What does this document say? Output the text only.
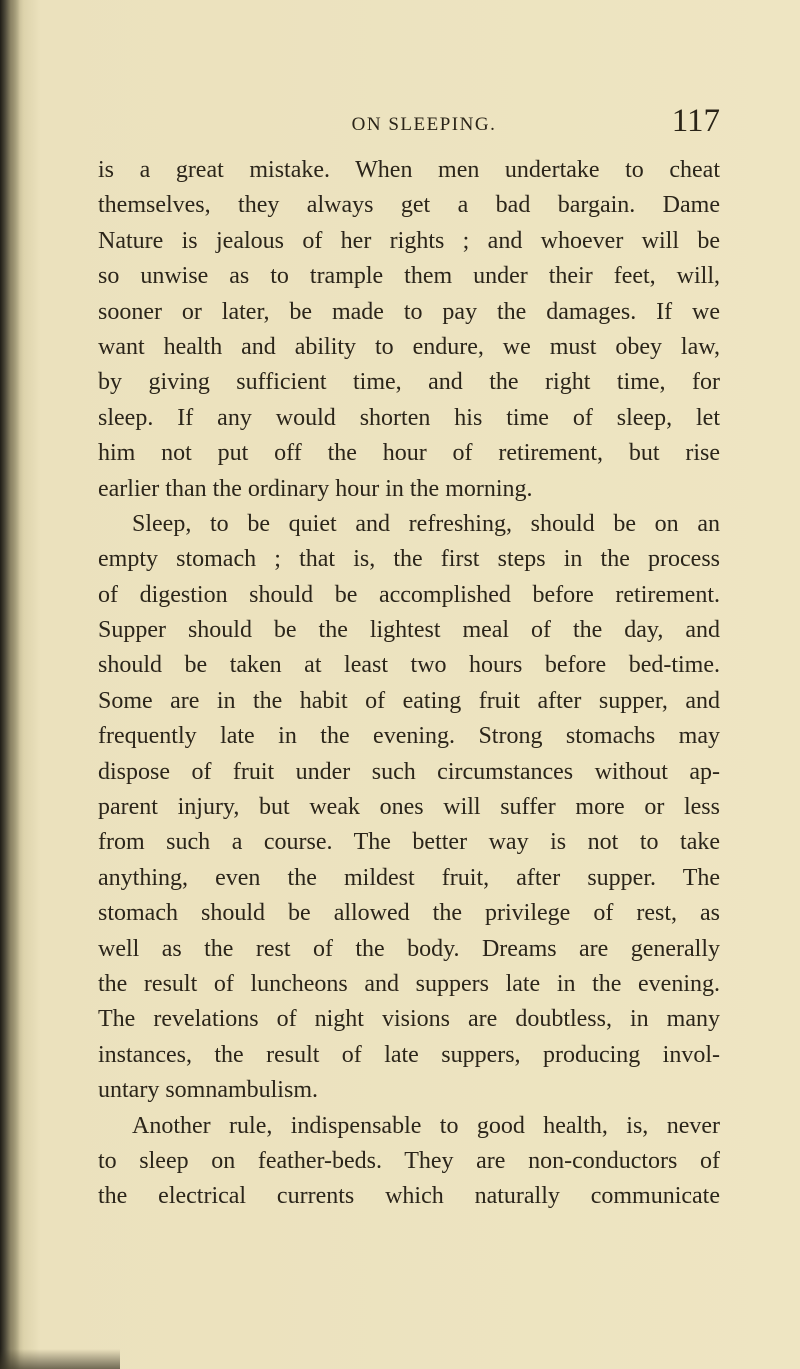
ON SLEEPING.	117
is a great mistake. When men undertake to cheat
themselves, they always get a bad bargain. Dame
Nature is jealous of her rights ; and whoever will be
so unwise as to trample them under their feet, will,
sooner or later, be made to pay the damages. If we
want health and ability to endure, we must obey law,
by giving sufficient time, and the right time, for
sleep. If any would shorten his time of sleep, let
him not put off the hour of retirement, but rise
earlier than the ordinary hour in the morning.
Sleep, to be quiet and refreshing, should be on an
empty stomach ; that is, the first steps in the process
of digestion should be accomplished before retirement.
Supper should be the lightest meal of the day, and
should be taken at least two hours before bed-time.
Some are in the habit of eating fruit after supper, and
frequently late in the evening. Strong stomachs may
dispose of fruit under such circumstances without ap-
parent injury, but weak ones will suffer more or less
from such a course. The better way is not to take
anything, even the mildest fruit, after supper. The
stomach should be allowed the privilege of rest, as
well as the rest of the body. Dreams are generally
the result of luncheons and suppers late in the evening.
The revelations of night visions are doubtless, in many
instances, the result of late suppers, producing invol-
untary somnambulism.
Another rule, indispensable to good health, is, never
to sleep on feather-beds. They are non-conductors of
the electrical currents which naturally communicate
